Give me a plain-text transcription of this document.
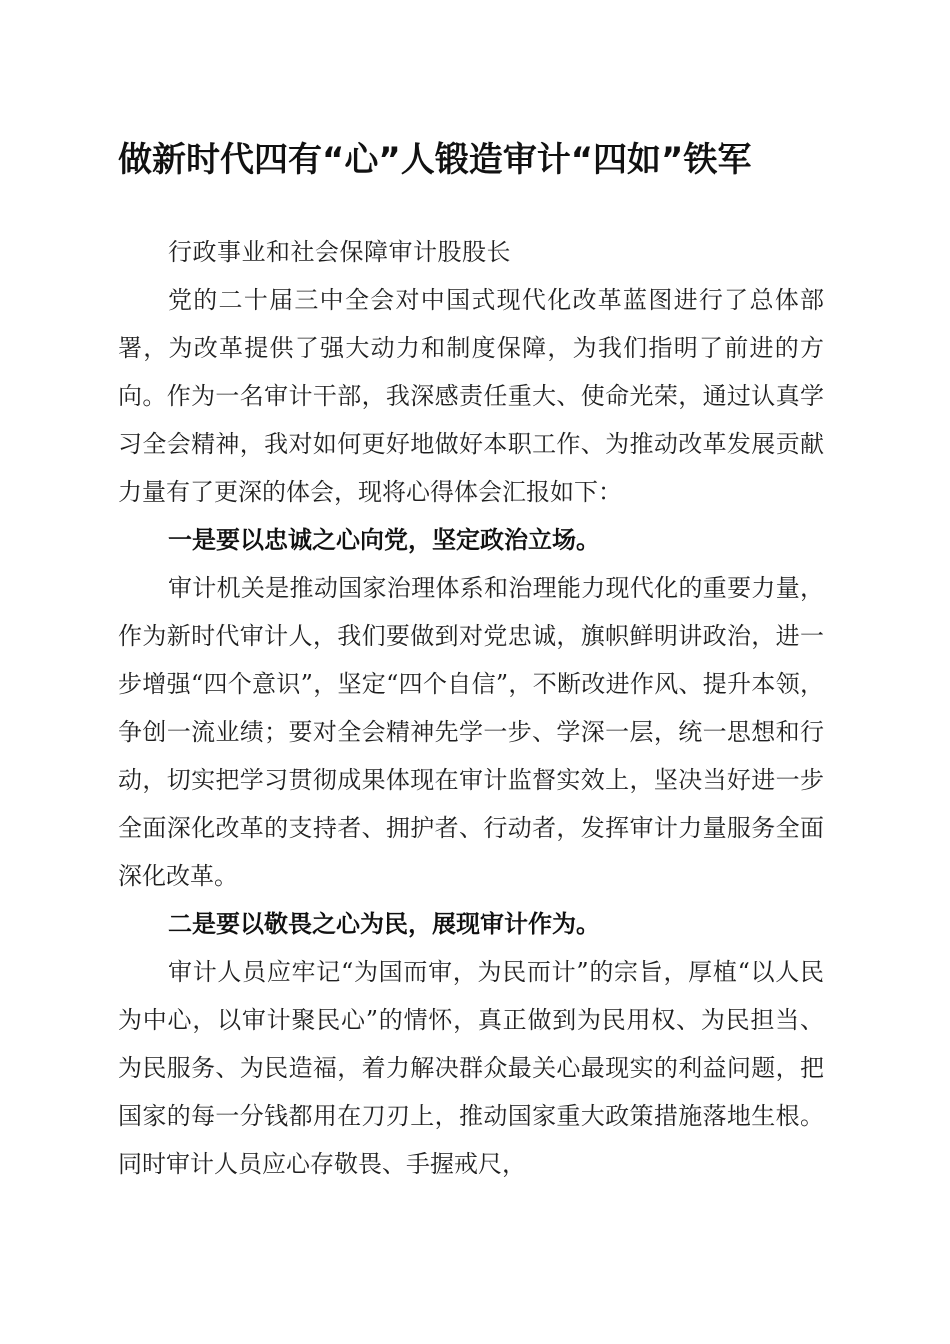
做新时代四有“心”人锻造审计“四如”铁军

行政事业和社会保障审计股股长

党的二十届三中全会对中国式现代化改革蓝图进行了总体部署，为改革提供了强大动力和制度保障，为我们指明了前进的方向。作为一名审计干部，我深感责任重大、使命光荣，通过认真学习全会精神，我对如何更好地做好本职工作、为推动改革发展贡献力量有了更深的体会，现将心得体会汇报如下：

一是要以忠诚之心向党，坚定政治立场。

审计机关是推动国家治理体系和治理能力现代化的重要力量，作为新时代审计人，我们要做到对党忠诚，旗帜鲜明讲政治，进一步增强“四个意识”，坚定“四个自信”，不断改进作风、提升本领，争创一流业绩；要对全会精神先学一步、学深一层，统一思想和行动，切实把学习贯彻成果体现在审计监督实效上，坚决当好进一步全面深化改革的支持者、拥护者、行动者，发挥审计力量服务全面深化改革。

二是要以敬畏之心为民，展现审计作为。

审计人员应牢记“为国而审，为民而计”的宗旨，厚植“以人民为中心，以审计聚民心”的情怀，真正做到为民用权、为民担当、为民服务、为民造福，着力解决群众最关心最现实的利益问题，把国家的每一分钱都用在刀刃上，推动国家重大政策措施落地生根。同时审计人员应心存敬畏、手握戒尺，
